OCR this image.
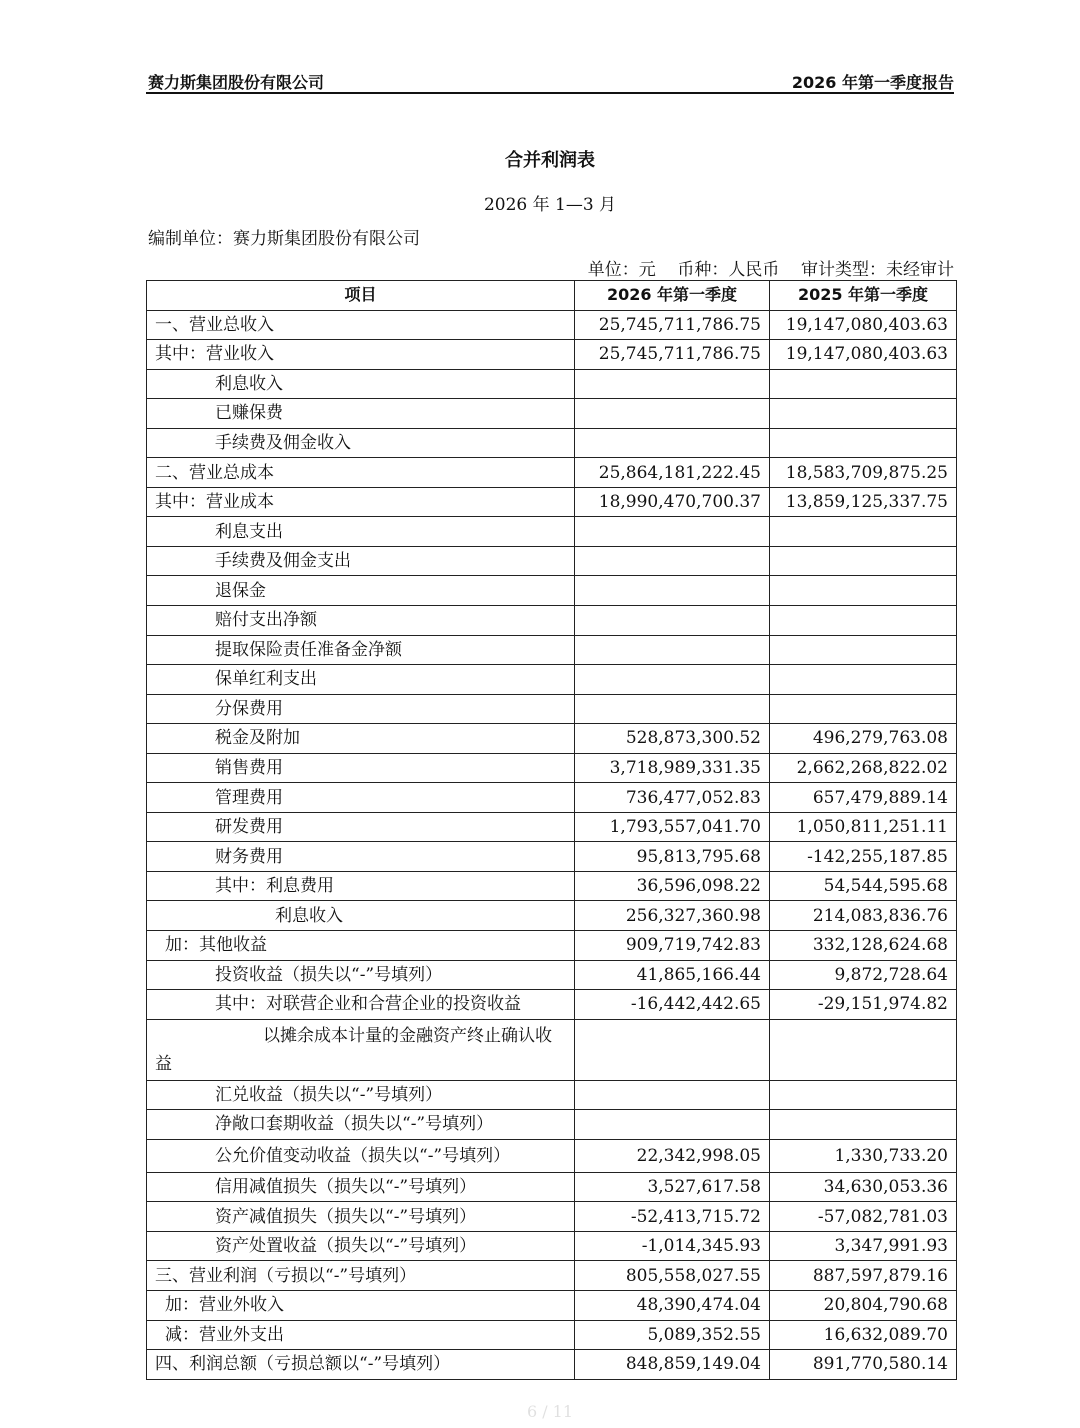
赛力斯集团股份有限公司	2026 年第一季度报告
合并利润表
2026 年 1—3 月
编制单位：赛力斯集团股份有限公司
单位：元    币种：人民币    审计类型：未经审计
项目	2026 年第一季度	2025 年第一季度
一、营业总收入	25,745,711,786.75	19,147,080,403.63
其中：营业收入	25,745,711,786.75	19,147,080,403.63
利息收入		
已赚保费		
手续费及佣金收入		
二、营业总成本	25,864,181,222.45	18,583,709,875.25
其中：营业成本	18,990,470,700.37	13,859,125,337.75
利息支出		
手续费及佣金支出		
退保金		
赔付支出净额		
提取保险责任准备金净额		
保单红利支出		
分保费用		
税金及附加	528,873,300.52	496,279,763.08
销售费用	3,718,989,331.35	2,662,268,822.02
管理费用	736,477,052.83	657,479,889.14
研发费用	1,793,557,041.70	1,050,811,251.11
财务费用	95,813,795.68	-142,255,187.85
其中：利息费用	36,596,098.22	54,544,595.68
利息收入	256,327,360.98	214,083,836.76
加：其他收益	909,719,742.83	332,128,624.68
投资收益（损失以“-”号填列）	41,865,166.44	9,872,728.64
其中：对联营企业和合营企业的投资收益	-16,442,442.65	-29,151,974.82
以摊余成本计量的金融资产终止确认收益		
汇兑收益（损失以“-”号填列）		
净敞口套期收益（损失以“-”号填列）		
公允价值变动收益（损失以“-”号填列）	22,342,998.05	1,330,733.20
信用减值损失（损失以“-”号填列）	3,527,617.58	34,630,053.36
资产减值损失（损失以“-”号填列）	-52,413,715.72	-57,082,781.03
资产处置收益（损失以“-”号填列）	-1,014,345.93	3,347,991.93
三、营业利润（亏损以“-”号填列）	805,558,027.55	887,597,879.16
加：营业外收入	48,390,474.04	20,804,790.68
减：营业外支出	5,089,352.55	16,632,089.70
四、利润总额（亏损总额以“-”号填列）	848,859,149.04	891,770,580.14
